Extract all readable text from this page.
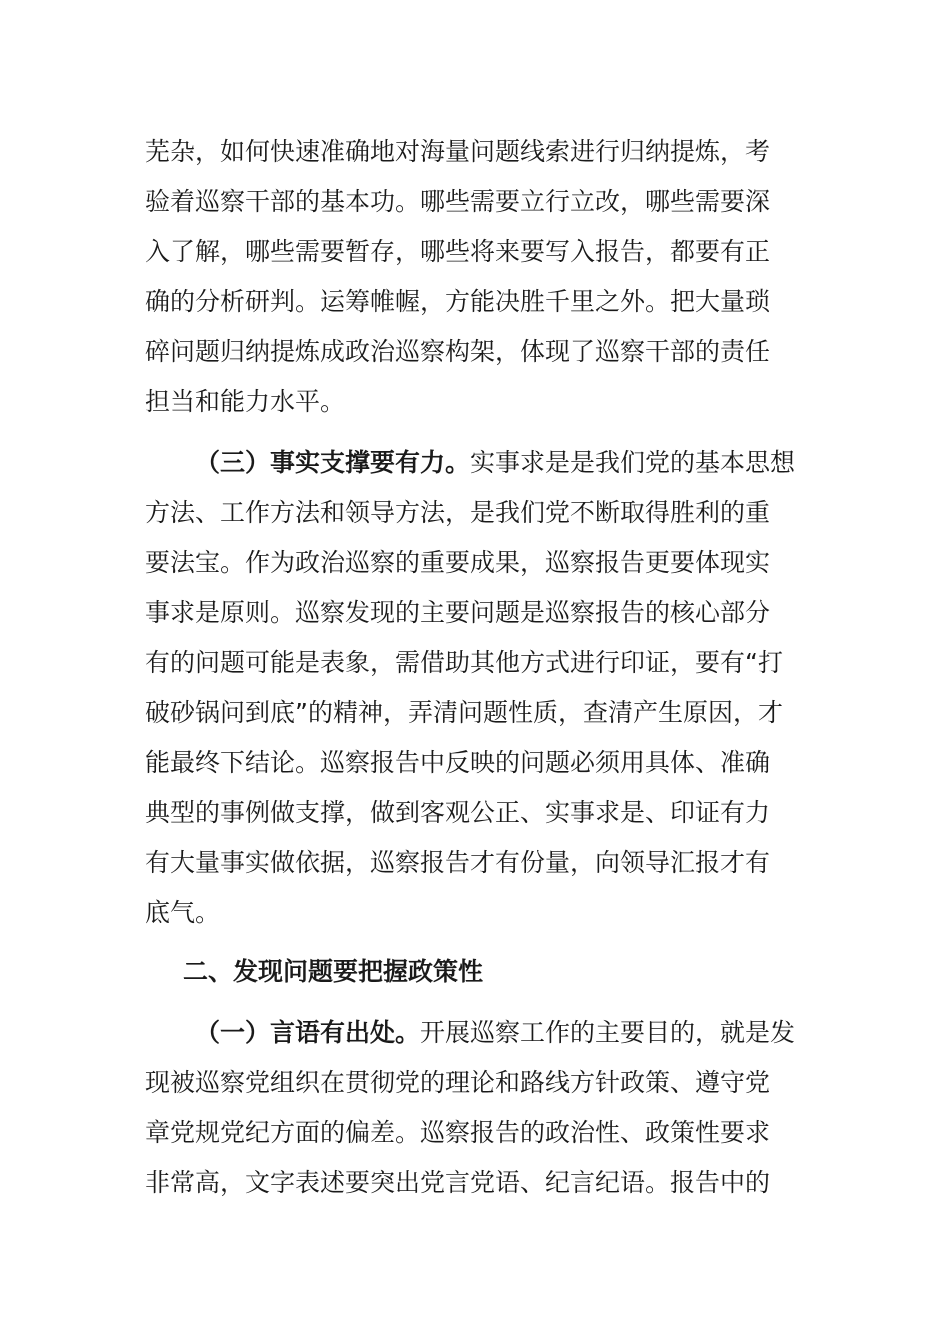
芜杂，如何快速准确地对海量问题线索进行归纳提炼，考
验着巡察干部的基本功。哪些需要立行立改，哪些需要深
入了解，哪些需要暂存，哪些将来要写入报告，都要有正
确的分析研判。运筹帷幄，方能决胜千里之外。把大量琐
碎问题归纳提炼成政治巡察构架，体现了巡察干部的责任
担当和能力水平。
（三）事实支撑要有力。实事求是是我们党的基本思想
方法、工作方法和领导方法，是我们党不断取得胜利的重
要法宝。作为政治巡察的重要成果，巡察报告更要体现实
事求是原则。巡察发现的主要问题是巡察报告的核心部分
有的问题可能是表象，需借助其他方式进行印证，要有“打
破砂锅问到底”的精神，弄清问题性质，查清产生原因，才
能最终下结论。巡察报告中反映的问题必须用具体、准确
典型的事例做支撑，做到客观公正、实事求是、印证有力
有大量事实做依据，巡察报告才有份量，向领导汇报才有
底气。
二、发现问题要把握政策性
（一）言语有出处。开展巡察工作的主要目的，就是发
现被巡察党组织在贯彻党的理论和路线方针政策、遵守党
章党规党纪方面的偏差。巡察报告的政治性、政策性要求
非常高，文字表述要突出党言党语、纪言纪语。报告中的
